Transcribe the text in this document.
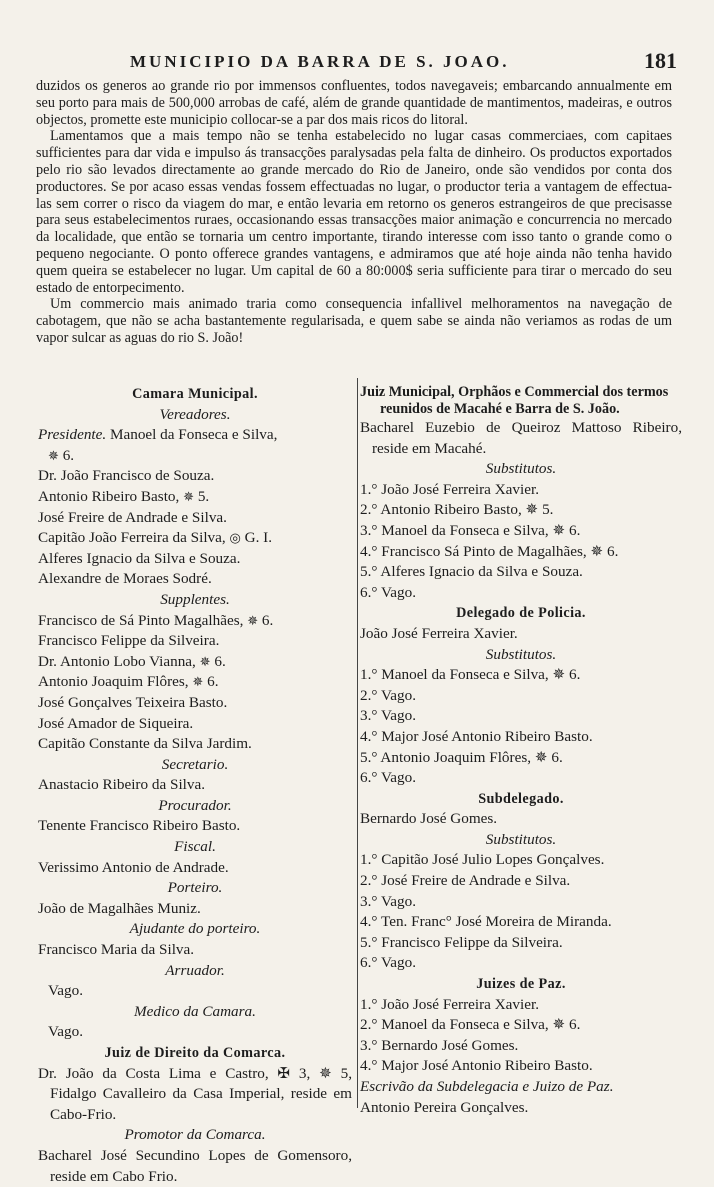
MUNICIPIO DA BARRA DE S. JOAO.	181

duzidos os generos ao grande rio por immensos confluentes, todos navegaveis; embarcando annualmente em seu porto para mais de 500,000 arrobas de café, além de grande quantidade de mantimentos, madeiras, e outros objectos, promette este municipio collocar-se a par dos mais ricos do litoral.

Lamentamos que a mais tempo não se tenha estabelecido no lugar casas commerciaes, com capitaes sufficientes para dar vida e impulso ás transacções paralysadas pela falta de dinheiro. Os productos exportados pelo rio são levados directamente ao grande mercado do Rio de Janeiro, onde são vendidos por conta dos productores. Se por acaso essas vendas fossem effectuadas no lugar, o productor teria a vantagem de effectua-las sem correr o risco da viagem do mar, e então levaria em retorno os generos estrangeiros de que precisasse para seus estabelecimentos ruraes, occasionando essas transacções maior animação e concurrencia no mercado da localidade, que então se tornaria um centro importante, tirando interesse com isso tanto o grande como o pequeno negociante. O ponto offerece grandes vantagens, e admiramos que até hoje ainda não tenha havido quem queira se estabelecer no lugar. Um capital de 60 a 80:000$ seria sufficiente para tirar o mercado do seu estado de entorpecimento.

Um commercio mais animado traria como consequencia infallivel melhoramentos na navegação de cabotagem, que não se acha bastantemente regularisada, e quem sabe se ainda não veriamos as rodas de um vapor sulcar as aguas do rio S. João!

Camara Municipal.
Vereadores.
Presidente. Manoel da Fonseca e Silva,
✵ 6.
Dr. João Francisco de Souza.
Antonio Ribeiro Basto, ✵ 5.
José Freire de Andrade e Silva.
Capitão João Ferreira da Silva, ◎ G. I.
Alferes Ignacio da Silva e Souza.
Alexandre de Moraes Sodré.
Supplentes.
Francisco de Sá Pinto Magalhães, ✵ 6.
Francisco Felippe da Silveira.
Dr. Antonio Lobo Vianna, ✵ 6.
Antonio Joaquim Flôres, ✵ 6.
José Gonçalves Teixeira Basto.
José Amador de Siqueira.
Capitão Constante da Silva Jardim.
Secretario.
Anastacio Ribeiro da Silva.
Procurador.
Tenente Francisco Ribeiro Basto.
Fiscal.
Verissimo Antonio de Andrade.
Porteiro.
João de Magalhães Muniz.
Ajudante do porteiro.
Francisco Maria da Silva.
Arruador.
Vago.
Medico da Camara.
Vago.
Juiz de Direito da Comarca.
Dr. João da Costa Lima e Castro, ✠ 3, ✵ 5, Fidalgo Cavalleiro da Casa Imperial, reside em Cabo-Frio.
Promotor da Comarca.
Bacharel José Secundino Lopes de Gomensoro, reside em Cabo Frio.
Juiz Municipal, Orphãos e Commercial dos termos reunidos de Macahé e Barra de S. João.
Bacharel Euzebio de Queiroz Mattoso Ribeiro, reside em Macahé.
Substitutos.
1.° João José Ferreira Xavier.
2.° Antonio Ribeiro Basto, ✵ 5.
3.° Manoel da Fonseca e Silva, ✵ 6.
4.° Francisco Sá Pinto de Magalhães, ✵ 6.
5.° Alferes Ignacio da Silva e Souza.
6.° Vago.
Delegado de Policia.
João José Ferreira Xavier.
Substitutos.
1.° Manoel da Fonseca e Silva, ✵ 6.
2.° Vago.
3.° Vago.
4.° Major José Antonio Ribeiro Basto.
5.° Antonio Joaquim Flôres, ✵ 6.
6.° Vago.
Subdelegado.
Bernardo José Gomes.
Substitutos.
1.° Capitão José Julio Lopes Gonçalves.
2.° José Freire de Andrade e Silva.
3.° Vago.
4.° Ten. Franc° José Moreira de Miranda.
5.° Francisco Felippe da Silveira.
6.° Vago.
Juizes de Paz.
1.° João José Ferreira Xavier.
2.° Manoel da Fonseca e Silva, ✵ 6.
3.° Bernardo José Gomes.
4.° Major José Antonio Ribeiro Basto.
Escrivão da Subdelegacia e Juizo de Paz.
Antonio Pereira Gonçalves.
